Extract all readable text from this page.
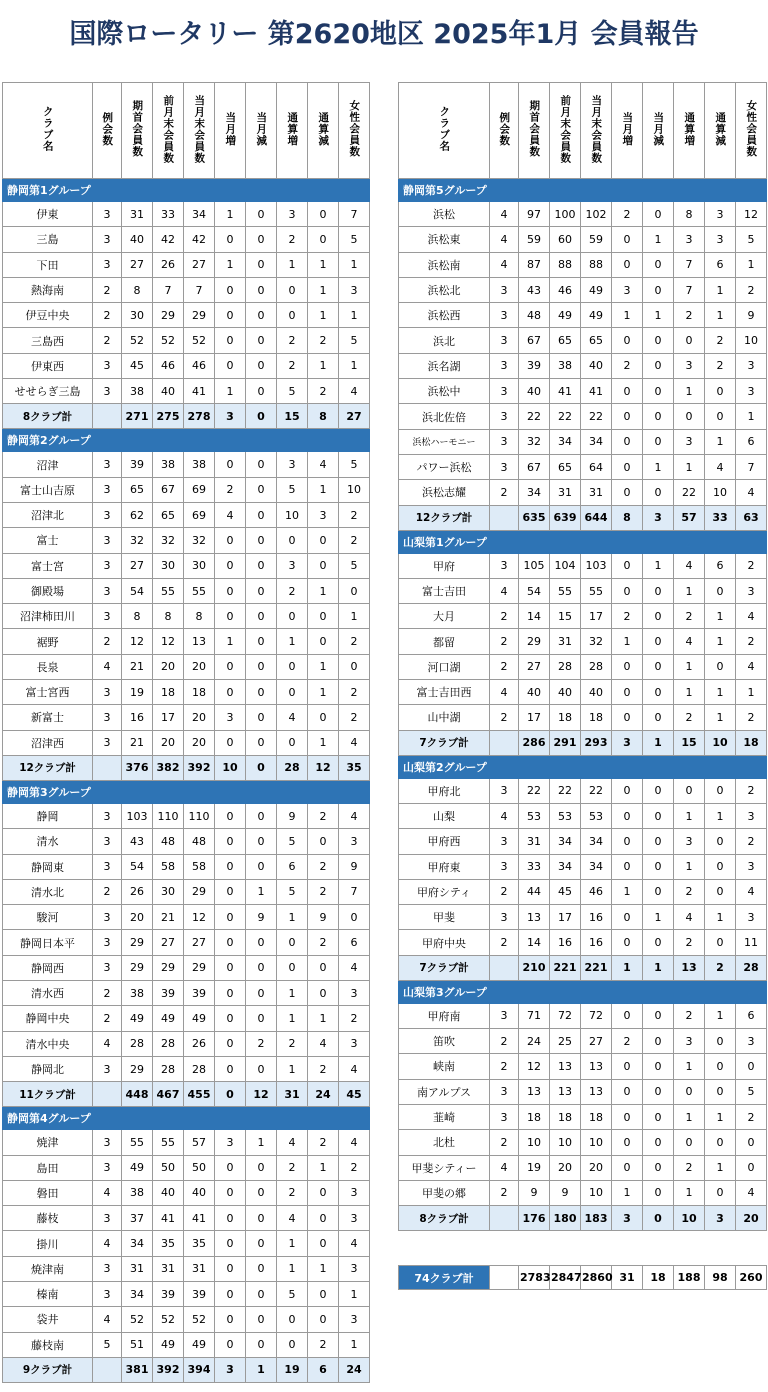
国際ロータリー 第2620地区 2025年1月 会員報告
クラブ名	例会数	期首会員数	前月末会員数	当月末会員数	当月増	当月減	通算増	通算減	女性会員数
静岡第1グループ									
伊東	3	31	33	34	1	0	3	0	7
三島	3	40	42	42	0	0	2	0	5
下田	3	27	26	27	1	0	1	1	1
熱海南	2	8	7	7	0	0	0	1	3
伊豆中央	2	30	29	29	0	0	0	1	1
三島西	2	52	52	52	0	0	2	2	5
伊東西	3	45	46	46	0	0	2	1	1
せせらぎ三島	3	38	40	41	1	0	5	2	4
8クラブ計		271	275	278	3	0	15	8	27
静岡第2グループ									
沼津	3	39	38	38	0	0	3	4	5
富士山吉原	3	65	67	69	2	0	5	1	10
沼津北	3	62	65	69	4	0	10	3	2
富士	3	32	32	32	0	0	0	0	2
富士宮	3	27	30	30	0	0	3	0	5
御殿場	3	54	55	55	0	0	2	1	0
沼津柿田川	3	8	8	8	0	0	0	0	1
裾野	2	12	12	13	1	0	1	0	2
長泉	4	21	20	20	0	0	0	1	0
富士宮西	3	19	18	18	0	0	0	1	2
新富士	3	16	17	20	3	0	4	0	2
沼津西	3	21	20	20	0	0	0	1	4
12クラブ計		376	382	392	10	0	28	12	35
静岡第3グループ									
静岡	3	103	110	110	0	0	9	2	4
清水	3	43	48	48	0	0	5	0	3
静岡東	3	54	58	58	0	0	6	2	9
清水北	2	26	30	29	0	1	5	2	7
駿河	3	20	21	12	0	9	1	9	0
静岡日本平	3	29	27	27	0	0	0	2	6
静岡西	3	29	29	29	0	0	0	0	4
清水西	2	38	39	39	0	0	1	0	3
静岡中央	2	49	49	49	0	0	1	1	2
清水中央	4	28	28	26	0	2	2	4	3
静岡北	3	29	28	28	0	0	1	2	4
11クラブ計		448	467	455	0	12	31	24	45
静岡第4グループ									
焼津	3	55	55	57	3	1	4	2	4
島田	3	49	50	50	0	0	2	1	2
磐田	4	38	40	40	0	0	2	0	3
藤枝	3	37	41	41	0	0	4	0	3
掛川	4	34	35	35	0	0	1	0	4
焼津南	3	31	31	31	0	0	1	1	3
榛南	3	34	39	39	0	0	5	0	1
袋井	4	52	52	52	0	0	0	0	3
藤枝南	5	51	49	49	0	0	0	2	1
9クラブ計		381	392	394	3	1	19	6	24
クラブ名	例会数	期首会員数	前月末会員数	当月末会員数	当月増	当月減	通算増	通算減	女性会員数
静岡第5グループ									
浜松	4	97	100	102	2	0	8	3	12
浜松東	4	59	60	59	0	1	3	3	5
浜松南	4	87	88	88	0	0	7	6	1
浜松北	3	43	46	49	3	0	7	1	2
浜松西	3	48	49	49	1	1	2	1	9
浜北	3	67	65	65	0	0	0	2	10
浜名湖	3	39	38	40	2	0	3	2	3
浜松中	3	40	41	41	0	0	1	0	3
浜北佐倍	3	22	22	22	0	0	0	0	1
浜松ハーモニー	3	32	34	34	0	0	3	1	6
パワー浜松	3	67	65	64	0	1	1	4	7
浜松志耀	2	34	31	31	0	0	22	10	4
12クラブ計		635	639	644	8	3	57	33	63
山梨第1グループ									
甲府	3	105	104	103	0	1	4	6	2
富士吉田	4	54	55	55	0	0	1	0	3
大月	2	14	15	17	2	0	2	1	4
都留	2	29	31	32	1	0	4	1	2
河口湖	2	27	28	28	0	0	1	0	4
富士吉田西	4	40	40	40	0	0	1	1	1
山中湖	2	17	18	18	0	0	2	1	2
7クラブ計		286	291	293	3	1	15	10	18
山梨第2グループ									
甲府北	3	22	22	22	0	0	0	0	2
山梨	4	53	53	53	0	0	1	1	3
甲府西	3	31	34	34	0	0	3	0	2
甲府東	3	33	34	34	0	0	1	0	3
甲府シティ	2	44	45	46	1	0	2	0	4
甲斐	3	13	17	16	0	1	4	1	3
甲府中央	2	14	16	16	0	0	2	0	11
7クラブ計		210	221	221	1	1	13	2	28
山梨第3グループ									
甲府南	3	71	72	72	0	0	2	1	6
笛吹	2	24	25	27	2	0	3	0	3
峡南	2	12	13	13	0	0	1	0	0
南アルプス	3	13	13	13	0	0	0	0	5
韮崎	3	18	18	18	0	0	1	1	2
北杜	2	10	10	10	0	0	0	0	0
甲斐シティー	4	19	20	20	0	0	2	1	0
甲斐の郷	2	9	9	10	1	0	1	0	4
8クラブ計		176	180	183	3	0	10	3	20
74クラブ計		2783	2847	2860	31	18	188	98	260
